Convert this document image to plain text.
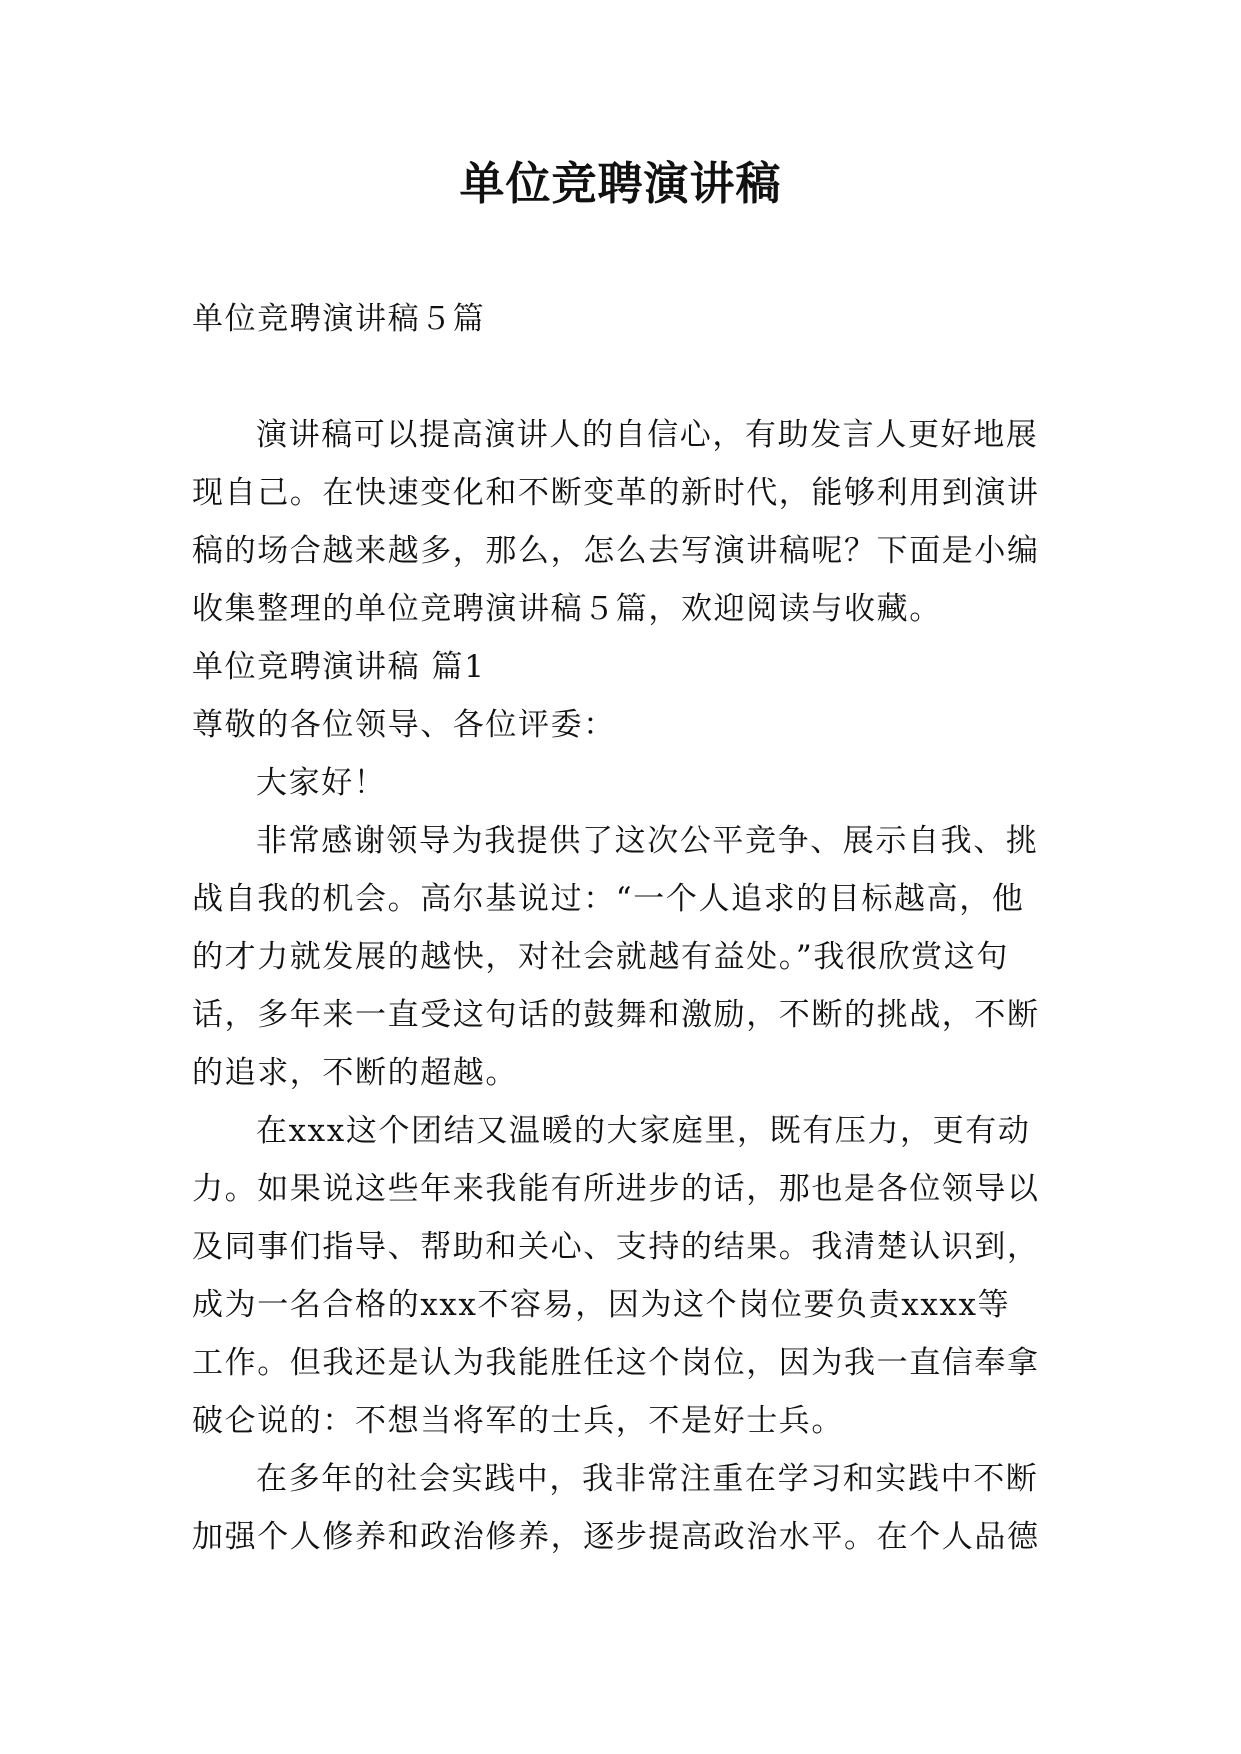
单位竞聘演讲稿
单位竞聘演讲稿５篇
演讲稿可以提高演讲人的自信心，有助发言人更好地展
现自己。在快速变化和不断变革的新时代，能够利用到演讲
稿的场合越来越多，那么，怎么去写演讲稿呢？下面是小编
收集整理的单位竞聘演讲稿５篇，欢迎阅读与收藏。
单位竞聘演讲稿 篇1
尊敬的各位领导、各位评委：
大家好！
非常感谢领导为我提供了这次公平竞争、展示自我、挑
战自我的机会。高尔基说过：“一个人追求的目标越高，他
的才力就发展的越快，对社会就越有益处。”我很欣赏这句
话，多年来一直受这句话的鼓舞和激励，不断的挑战，不断
的追求，不断的超越。
在xxx这个团结又温暖的大家庭里，既有压力，更有动
力。如果说这些年来我能有所进步的话，那也是各位领导以
及同事们指导、帮助和关心、支持的结果。我清楚认识到，
成为一名合格的xxx不容易，因为这个岗位要负责xxxx等
工作。但我还是认为我能胜任这个岗位，因为我一直信奉拿
破仑说的：不想当将军的士兵，不是好士兵。
在多年的社会实践中，我非常注重在学习和实践中不断
加强个人修养和政治修养，逐步提高政治水平。在个人品德
